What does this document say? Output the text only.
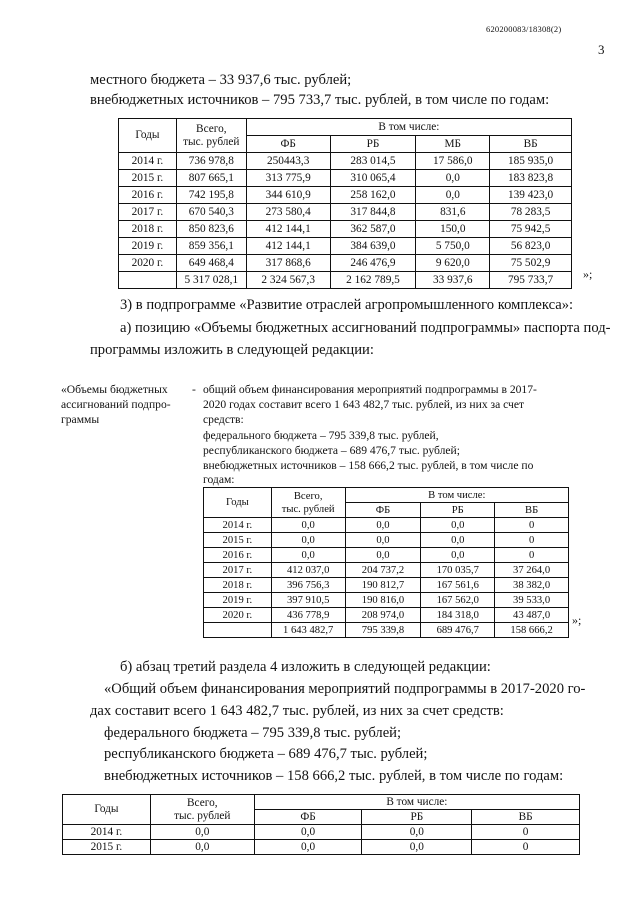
620200083/18308(2)
3
местного бюджета – 33 937,6 тыс. рублей;
внебюджетных источников – 795 733,7 тыс. рублей, в том числе по годам:
Годы	Всего,
тыс. рублей	В том числе:			
		ФБ	РБ	МБ	ВБ
2014 г.	736 978,8	250443,3	283 014,5	17 586,0	185 935,0
2015 г.	807 665,1	313 775,9	310 065,4	0,0	183 823,8
2016 г.	742 195,8	344 610,9	258 162,0	0,0	139 423,0
2017 г.	670 540,3	273 580,4	317 844,8	831,6	78 283,5
2018 г.	850 823,6	412 144,1	362 587,0	150,0	75 942,5
2019 г.	859 356,1	412 144,1	384 639,0	5 750,0	56 823,0
2020 г.	649 468,4	317 868,6	246 476,9	9 620,0	75 502,9
	5 317 028,1	2 324 567,3	2 162 789,5	33 937,6	795 733,7 »;
3) в подпрограмме «Развитие отраслей агропромышленного комплекса»:
а) позицию «Объемы бюджетных ассигнований подпрограммы» паспорта под-
программы изложить в следующей редакции:
«Объемы бюджетных
ассигнований подпро-
граммы
- общий объем финансирования мероприятий подпрограммы в 2017-
2020 годах составит всего 1 643 482,7 тыс. рублей, из них за счет
средств:
федерального бюджета – 795 339,8 тыс. рублей,
республиканского бюджета – 689 476,7 тыс. рублей;
внебюджетных источников – 158 666,2 тыс. рублей, в том числе по
годам:
Годы	Всего,
тыс. рублей	В том числе:		
		ФБ	РБ	ВБ
2014 г.	0,0	0,0	0,0	0
2015 г.	0,0	0,0	0,0	0
2016 г.	0,0	0,0	0,0	0
2017 г.	412 037,0	204 737,2	170 035,7	37 264,0
2018 г.	396 756,3	190 812,7	167 561,6	38 382,0
2019 г.	397 910,5	190 816,0	167 562,0	39 533,0
2020 г.	436 778,9	208 974,0	184 318,0	43 487,0
	1 643 482,7	795 339,8	689 476,7	158 666,2
»;
б) абзац третий раздела 4 изложить в следующей редакции:
«Общий объем финансирования мероприятий подпрограммы в 2017-2020 го-
дах составит всего 1 643 482,7 тыс. рублей, из них за счет средств:
федерального бюджета – 795 339,8 тыс. рублей;
республиканского бюджета – 689 476,7 тыс. рублей;
внебюджетных источников – 158 666,2 тыс. рублей, в том числе по годам:
Годы	Всего,
тыс. рублей	В том числе:		
		ФБ	РБ	ВБ
2014 г.	0,0	0,0	0,0	0
2015 г.	0,0	0,0	0,0	0
